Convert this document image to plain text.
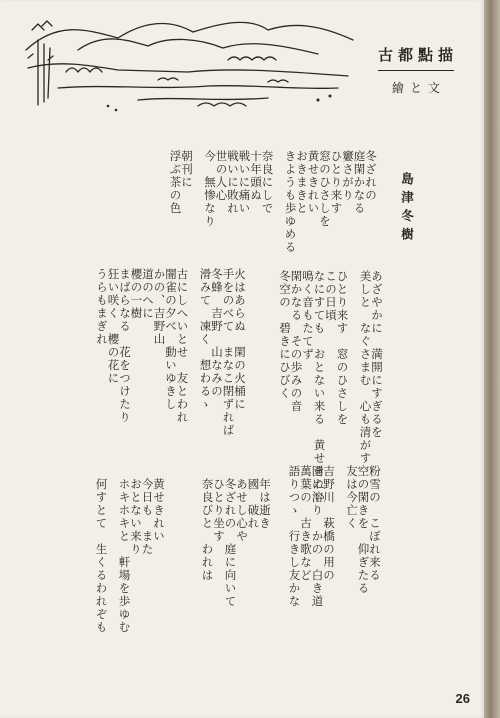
古都點描
繪と文
島津冬樹
あざやかに　満開にすぎるを
美しと　なぐさまむ　心も清がす

ひとり来す　窓のひさしを
この日頃
なにすても　おとない来る　黄せきれい
鳴く音もたてず
閑かなる　その歩みの音
冬空の　碧きにひびく
火はあらぬ　閑の火桶に
手をのべて　まなこ閉ずれば
冬蜂　吉野　山なみの
滑みて　凍く　想わるゝ

古にしへいとせ　友とわれ
闇雀の夕べ　動いゆきし
かの、吉野山
道のへに
櫻の一樹
まばらなる　花をつけたり
狂い咲く　櫻の花に
うらもまぎれ
冬ざれの
庭閑かなる
窶さがり
ひとり来す
窓のひさしを
黄せきれい
おきまきと
きようも歩ゆめる

奈良にしで
十年頭ぬ
戦いに痛い
戦いに敗れ
世の人心
今　無惨なり

朝刊に
浮ぶ茶の色
粉雪の　こぼれ来る
空の閑きを　仰ぎたる
友は今亡く

吉野川　萩橋の用の
園に溶り　かの　白き道
萬葉の　古き歌など
語りつゝ　行きし友かな
年は逝き
國　破れ
あせし心や
冬ざれの　庭に向いて
ひとり坐す
奈良びと　われは
黄せきれい
今日も　また
おとない来り
ホキホキと　軒場を歩ゆむ

何すとて　生くるわれぞも
26
